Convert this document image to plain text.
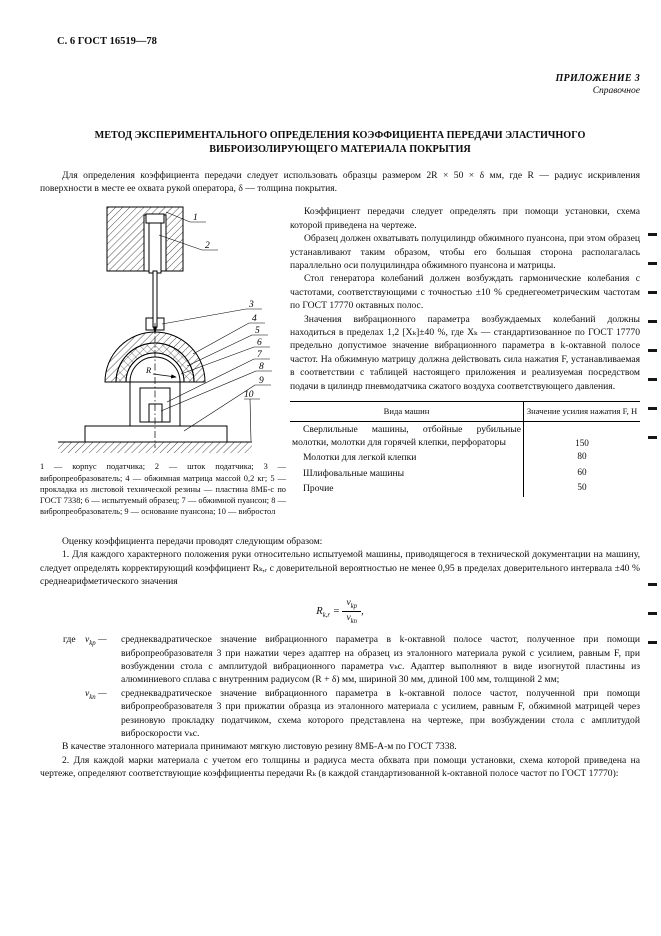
С. 6 ГОСТ 16519—78
ПРИЛОЖЕНИЕ 3
Справочное
МЕТОД ЭКСПЕРИМЕНТАЛЬНОГО ОПРЕДЕЛЕНИЯ КОЭФФИЦИЕНТА ПЕРЕДАЧИ ЭЛАСТИЧНОГО
ВИБРОИЗОЛИРУЮЩЕГО МАТЕРИАЛА ПОКРЫТИЯ

Для определения коэффициента передачи следует использовать образцы размером 2R × 50 × δ мм, где R — радиус искривления поверхности в месте ее охвата рукой оператора, δ — толщина покрытия.

R
1
2
3
4
5
6
7
8
9
10

1 — корпус податчика; 2 — шток податчика; 3 — вибропреобразователь; 4 — обжимная матрица массой 0,2 кг; 5 — прокладка из листовой технической резины — пластина 8МБ-с по ГОСТ 7338; 6 — испытуемый образец; 7 — обжимной пуансон; 8 — вибропреобразователь; 9 — основание пуансона; 10 — вибростол

Коэффициент передачи следует определять при помощи установки, схема которой приведена на чертеже.

Образец должен охватывать полуцилиндр обжимного пуансона, при этом образец устанавливают таким образом, чтобы его большая сторона располагалась параллельно оси полуцилиндра обжимного пуансона и матрицы.

Стол генератора колебаний должен возбуждать гармонические колебания с частотами, соответствующими с точностью ±10 % среднегеометрическим частотам по ГОСТ 17770 октавных полос.

Значения вибрационного параметра возбуждаемых колебаний должны находиться в пределах 1,2 [Xₖ]±40 %, где Xₖ — стандартизованное по ГОСТ 17770 предельно допустимое значение вибрационного параметра в k-октавной полосе частот. На обжимную матрицу должна действовать сила нажатия F, устанавливаемая в соответствии с таблицей настоящего приложения и реализуемая посредством подачи в цилиндр пневмодатчика сжатого воздуха соответствующего давления.

Вида машин	Значение усилия нажатия F, Н

Сверлильные машины, отбойные рубильные молотки, молотки для горячей клепки, перфораторы	150

Молотки для легкой клепки	80

Шлифовальные машины	60

Прочие	50

Оценку коэффициента передачи проводят следующим образом:

1. Для каждого характерного положения руки относительно испытуемой машины, приводящегося в технической документации на машину, следует определять корректирующий коэффициент Rₖ,ᵣ с доверительной вероятностью не менее 0,95 в пределах доверительного интервала ±40 % среднеарифметического значения

$R_{k,r} = \frac{v_{kp}}{v_{kn}}$ ,
где $v_{kp}$ —	среднеквадратическое значение вибрационного параметра в k-октавной полосе частот, полученное при помощи вибропреобразователя 3 при нажатии через адаптер на образец из эталонного материала рукой с усилием, равным F, при возбуждении стола с амплитудой вибрационного параметра vₖc. Адаптер выполняют в виде изогнутой пластины из алюминиевого сплава с внутренним радиусом (R + δ) мм, шириной 30 мм, длиной 100 мм, толщиной 2 мм;
$v_{kn}$ —	среднеквадратическое значение вибрационного параметра в k-октавной полосе частот, полученной при помощи вибропреобразователя 3 при прижатии образца из эталонного материала с усилием, равным F, обжимной матрицей через резиновую прокладку податчиком, схема которого представлена на чертеже, при возбуждении стола с амплитудой виброскорости vₖc.

В качестве эталонного материала принимают мягкую листовую резину 8МБ-А-м по ГОСТ 7338.

2. Для каждой марки материала с учетом его толщины и радиуса места обхвата при помощи установки, схема которой приведена на чертеже, определяют соответствующие коэффициенты передачи Rₖ (в каждой стандартизованной k-октавной полосе частот по ГОСТ 17770):
